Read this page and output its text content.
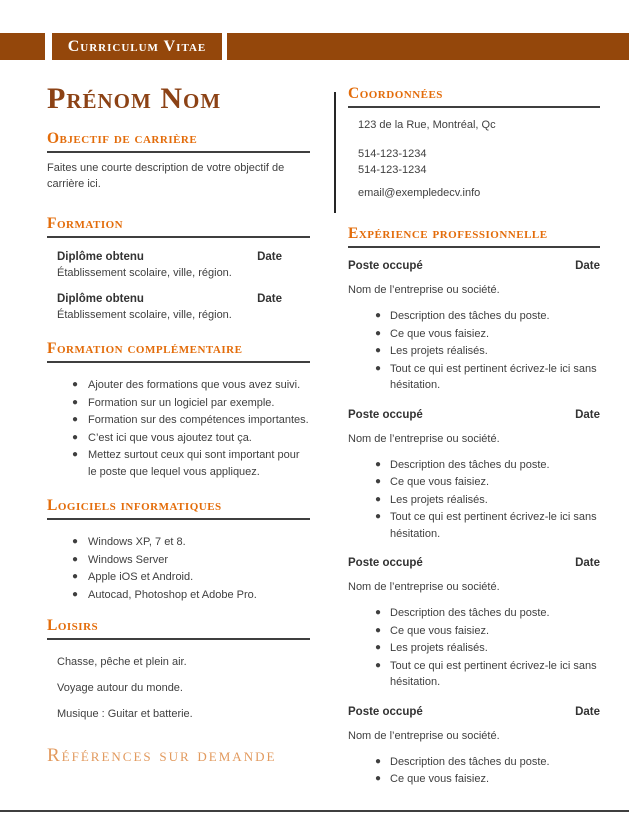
Curriculum Vitae
Prénom Nom
Objectif de carrière

Faites une courte description de votre objectif de carrière ici.

Formation
Diplôme obtenu	Date
Établissement scolaire, ville, région.
Diplôme obtenu	Date
Établissement scolaire, ville, région.
Formation complémentaire
● Ajouter des formations que vous avez suivi.
● Formation sur un logiciel par exemple.
● Formation sur des compétences importantes.
● C’est ici que vous ajoutez tout ça.
● Mettez surtout ceux qui sont important pour le poste que lequel vous appliquez.
Logiciels informatiques
● Windows XP, 7 et 8.
● Windows Server
● Apple iOS et Android.
● Autocad, Photoshop et Adobe Pro.
Loisirs

Chasse, pêche et plein air.

Voyage autour du monde.

Musique : Guitar et batterie.

Références sur demande
Coordonnées
123 de la Rue, Montréal, Qc
514-123-1234
514-123-1234
email@exempledecv.info
Expérience professionnelle
Poste occupé	Date
Nom de l’entreprise ou société.
● Description des tâches du poste.
● Ce que vous faisiez.
● Les projets réalisés.
● Tout ce qui est pertinent écrivez-le ici sans hésitation.
Poste occupé	Date
Nom de l’entreprise ou société.
● Description des tâches du poste.
● Ce que vous faisiez.
● Les projets réalisés.
● Tout ce qui est pertinent écrivez-le ici sans hésitation.
Poste occupé	Date
Nom de l’entreprise ou société.
● Description des tâches du poste.
● Ce que vous faisiez.
● Les projets réalisés.
● Tout ce qui est pertinent écrivez-le ici sans hésitation.
Poste occupé	Date
Nom de l’entreprise ou société.
● Description des tâches du poste.
● Ce que vous faisiez.
